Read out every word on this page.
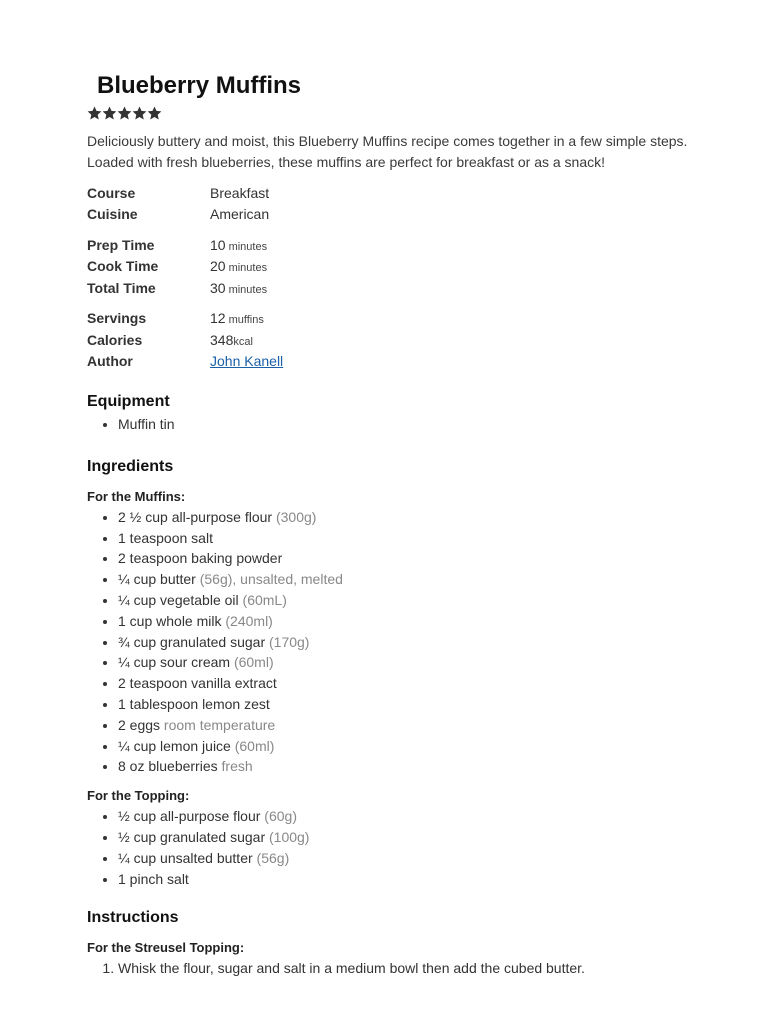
Blueberry Muffins
Deliciously buttery and moist, this Blueberry Muffins recipe comes together in a few simple steps. Loaded with fresh blueberries, these muffins are perfect for breakfast or as a snack!
Course	Breakfast
Cuisine	American
Prep Time	10 minutes
Cook Time	20 minutes
Total Time	30 minutes
Servings	12 muffins
Calories	348kcal
Author	John Kanell
Equipment
• Muffin tin
Ingredients
For the Muffins:
• 2 ½ cup all-purpose flour (300g)
• 1 teaspoon salt
• 2 teaspoon baking powder
• ¼ cup butter (56g), unsalted, melted
• ¼ cup vegetable oil (60mL)
• 1 cup whole milk (240ml)
• ¾ cup granulated sugar (170g)
• ¼ cup sour cream (60ml)
• 2 teaspoon vanilla extract
• 1 tablespoon lemon zest
• 2 eggs room temperature
• ¼ cup lemon juice (60ml)
• 8 oz blueberries fresh
For the Topping:
• ½ cup all-purpose flour (60g)
• ½ cup granulated sugar (100g)
• ¼ cup unsalted butter (56g)
• 1 pinch salt
Instructions
For the Streusel Topping:
1. Whisk the flour, sugar and salt in a medium bowl then add the cubed butter.
